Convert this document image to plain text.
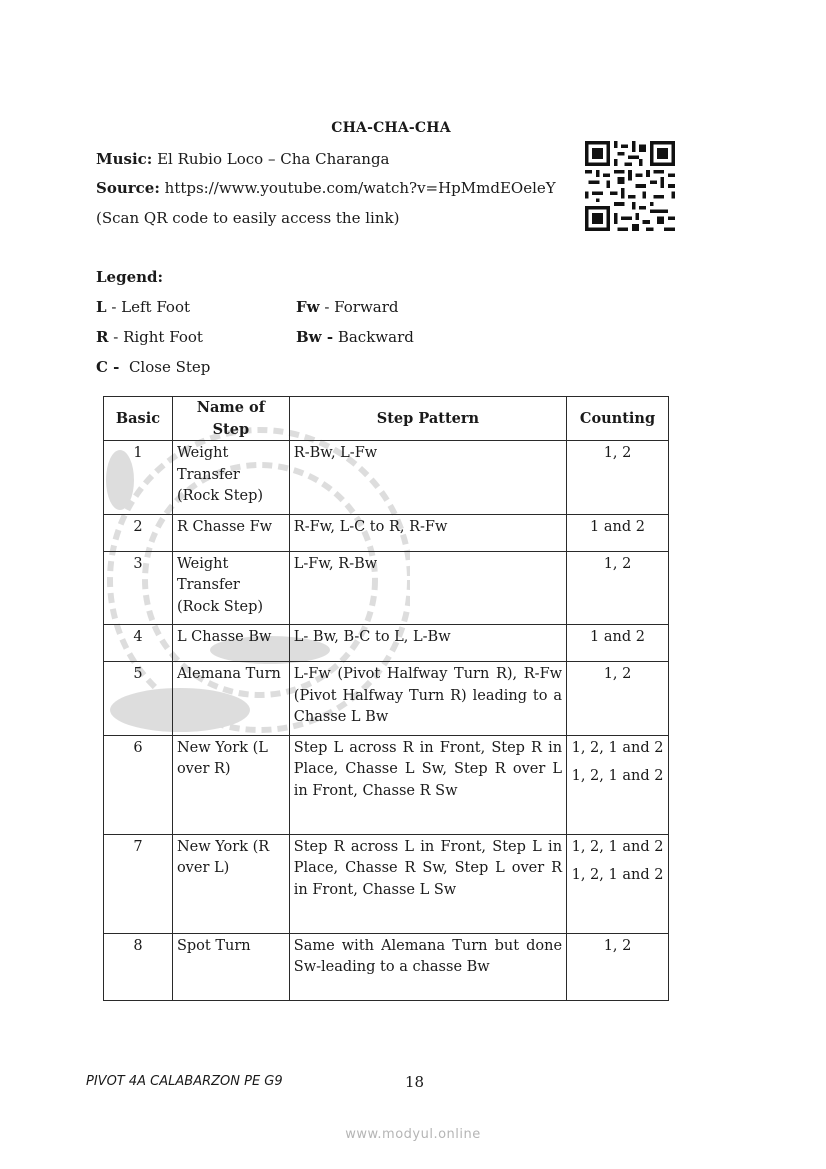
CHA-CHA-CHA
Music: El Rubio Loco – Cha Charanga
Source: https://www.youtube.com/watch?v=HpMmdEOeleY
(Scan QR code to easily access the link)
Legend:
L - Left Foot
R - Right Foot
C - Close Step
Fw - Forward
Bw - Backward
Basic	Name of Step	Step Pattern	Counting
1	Weight Transfer (Rock Step)	R-Bw, L-Fw	1, 2
2	R Chasse Fw	R-Fw, L-C to R, R-Fw	1 and 2
3	Weight Transfer (Rock Step)	L-Fw, R-Bw	1, 2
4	L Chasse Bw	L- Bw, B-C to L, L-Bw	1 and 2
5	Alemana Turn	L-Fw (Pivot Halfway Turn R), R-Fw (Pivot Halfway Turn R) leading to a Chasse L Bw	1, 2
6	New York (L over R)	Step L across R in Front, Step R in Place, Chasse L Sw, Step R over L in Front, Chasse R Sw	1, 2, 1 and 2
1, 2, 1 and 2
7	New York (R over L)	Step R across L in Front, Step L in Place, Chasse R Sw, Step L over R in Front, Chasse L Sw	1, 2, 1 and 2
1, 2, 1 and 2
8	Spot Turn	Same with Alemana Turn but done Sw-leading to a chasse Bw	1, 2
PIVOT 4A CALABARZON PE G9	18
www.modyul.online
